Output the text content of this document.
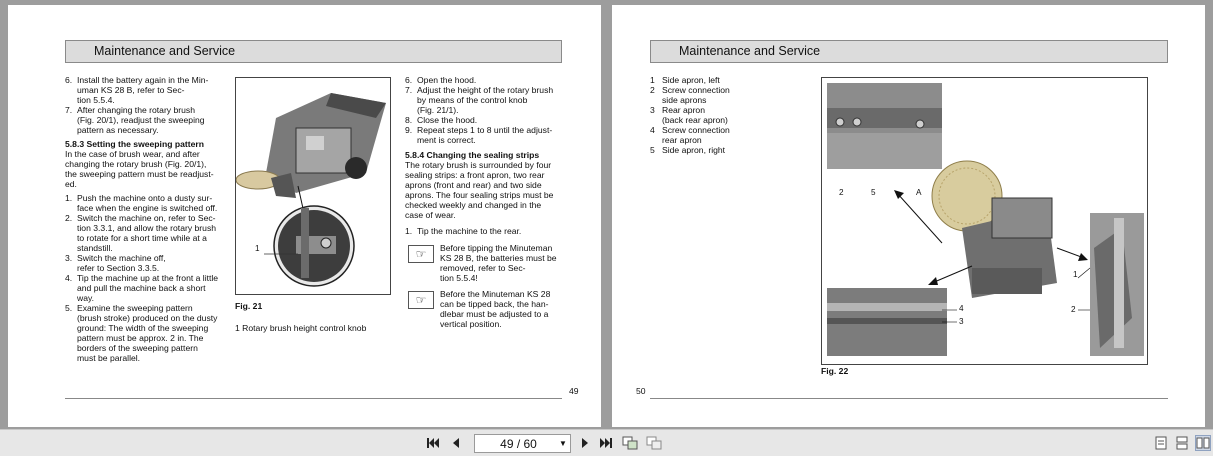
Maintenance and Service
6. Install the battery again in the Min-
uman KS 28 B, refer to Sec-
tion 5.5.4.
7. After changing the rotary brush
(Fig. 20/1), readjust the sweeping
pattern as necessary.
5.8.3 Setting the sweeping pattern
In the case of brush wear, and after
changing the rotary brush (Fig. 20/1),
the sweeping pattern must be readjust-
ed.
1. Push the machine onto a dusty sur-
face when the engine is switched off.
2. Switch the machine on, refer to Sec-
tion 3.3.1, and allow the rotary brush
to rotate for a short time while at a
standstill.
3. Switch the machine off,
refer to Section 3.3.5.
4. Tip the machine up at the front a little
and pull the machine back a short
way.
5. Examine the sweeping pattern
(brush stroke) produced on the dusty
ground: The width of the sweeping
pattern must be approx. 2 in. The
borders of the sweeping pattern
must be parallel.
1
Fig. 21
1 Rotary brush height control knob
6. Open the hood.
7. Adjust the height of the rotary brush
by means of the control knob
(Fig. 21/1).
8. Close the hood.
9. Repeat steps 1 to 8 until the adjust-
ment is correct.
5.8.4 Changing the sealing strips
The rotary brush is surrounded by four
sealing strips: a front apron, two rear
aprons (front and rear) and two side
aprons. The four sealing strips must be
checked weekly and changed in the
case of wear.
1. Tip the machine to the rear.
☞	Before tipping the Minuteman
KS 28 B, the batteries must be
removed, refer to Sec-
tion 5.5.4!
☞	Before the Minuteman KS 28
can be tipped back, the han-
dlebar must be adjusted to a
vertical position.
49
Maintenance and Service
1 Side apron, left
2 Screw connection
side aprons
3 Rear apron
(back rear apron)
4 Screw connection
rear apron
5 Side apron, right
2	5	A
1
2
4
3
Fig. 22
50
49 / 60	▼
